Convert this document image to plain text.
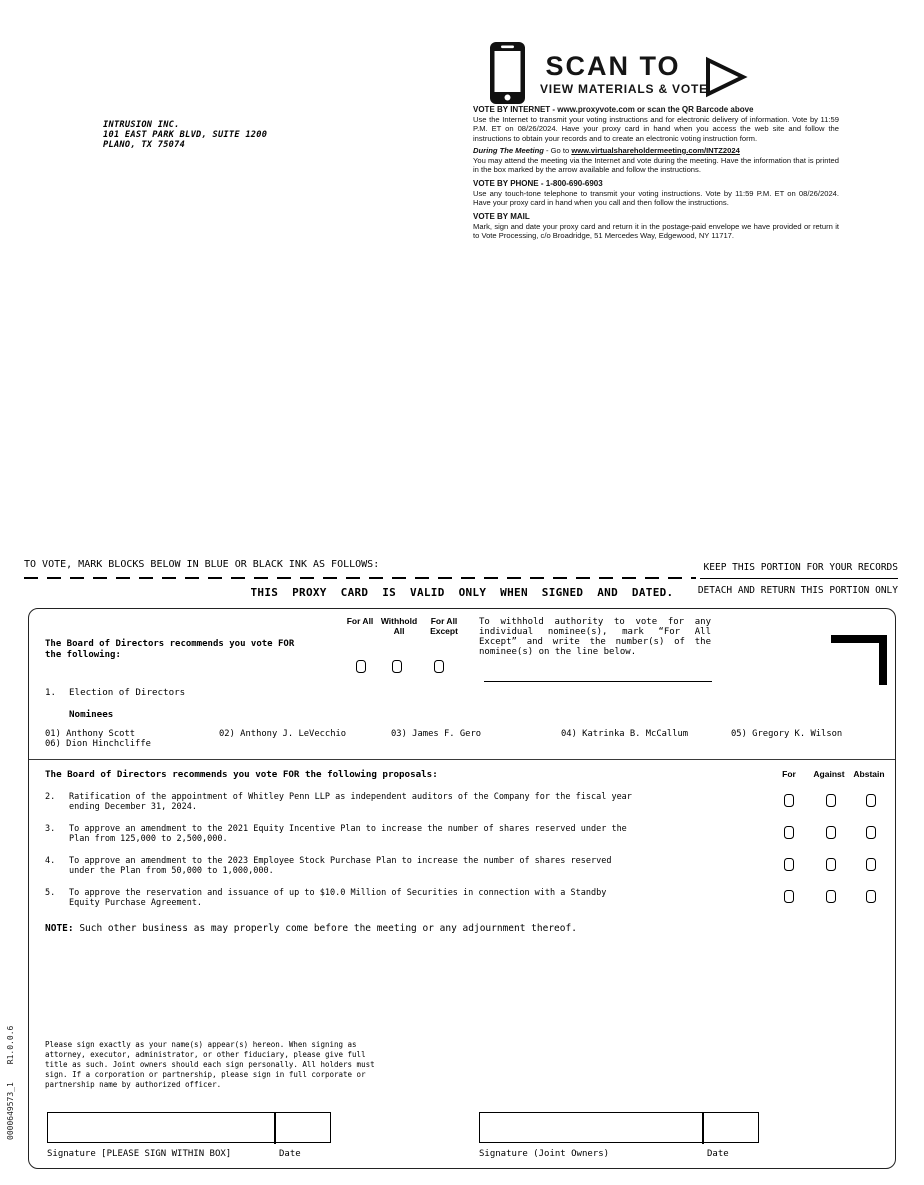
INTRUSION INC.
101 EAST PARK BLVD, SUITE 1200
PLANO, TX 75074
SCAN TO
VIEW MATERIALS & VOTE
VOTE BY INTERNET - www.proxyvote.com or scan the QR Barcode above
Use the Internet to transmit your voting instructions and for electronic delivery of information. Vote by 11:59 P.M. ET on 08/26/2024. Have your proxy card in hand when you access the web site and follow the instructions to obtain your records and to create an electronic voting instruction form.
During The Meeting - Go to www.virtualshareholdermeeting.com/INTZ2024
You may attend the meeting via the Internet and vote during the meeting. Have the information that is printed in the box marked by the arrow available and follow the instructions.
VOTE BY PHONE - 1-800-690-6903
Use any touch-tone telephone to transmit your voting instructions. Vote by 11:59 P.M. ET on 08/26/2024. Have your proxy card in hand when you call and then follow the instructions.
VOTE BY MAIL
Mark, sign and date your proxy card and return it in the postage-paid envelope we have provided or return it to Vote Processing, c/o Broadridge, 51 Mercedes Way, Edgewood, NY 11717.
TO VOTE, MARK BLOCKS BELOW IN BLUE OR BLACK INK AS FOLLOWS:	KEEP THIS PORTION FOR YOUR RECORDS
THIS PROXY CARD IS VALID ONLY WHEN SIGNED AND DATED.	DETACH AND RETURN THIS PORTION ONLY
The Board of Directors recommends you vote FOR the following:
For All Withhold All
For All Except
To withhold authority to vote for any individual nominee(s), mark “For All Except” and write the number(s) of the nominee(s) on the line below.
1. Election of Directors
Nominees
01) Anthony Scott	02) Anthony J. LeVecchio	03) James F. Gero	04) Katrinka B. McCallum	05) Gregory K. Wilson
06) Dion Hinchcliffe
The Board of Directors recommends you vote FOR the following proposals:	For	Against	Abstain
2.	Ratification of the appointment of Whitley Penn LLP as independent auditors of the Company for the fiscal year ending December 31, 2024.
3.	To approve an amendment to the 2021 Equity Incentive Plan to increase the number of shares reserved under the Plan from 125,000 to 2,500,000.
4.	To approve an amendment to the 2023 Employee Stock Purchase Plan to increase the number of shares reserved under the Plan from 50,000 to 1,000,000.
5.	To approve the reservation and issuance of up to $10.0 Million of Securities in connection with a Standby Equity Purchase Agreement.
NOTE: Such other business as may properly come before the meeting or any adjournment thereof.
Please sign exactly as your name(s) appear(s) hereon. When signing as attorney, executor, administrator, or other fiduciary, please give full title as such. Joint owners should each sign personally. All holders must sign. If a corporation or partnership, please sign in full corporate or partnership name by authorized officer.
Signature [PLEASE SIGN WITHIN BOX]	Date	Signature (Joint Owners)	Date
0000649573_1R1.0.0.6
